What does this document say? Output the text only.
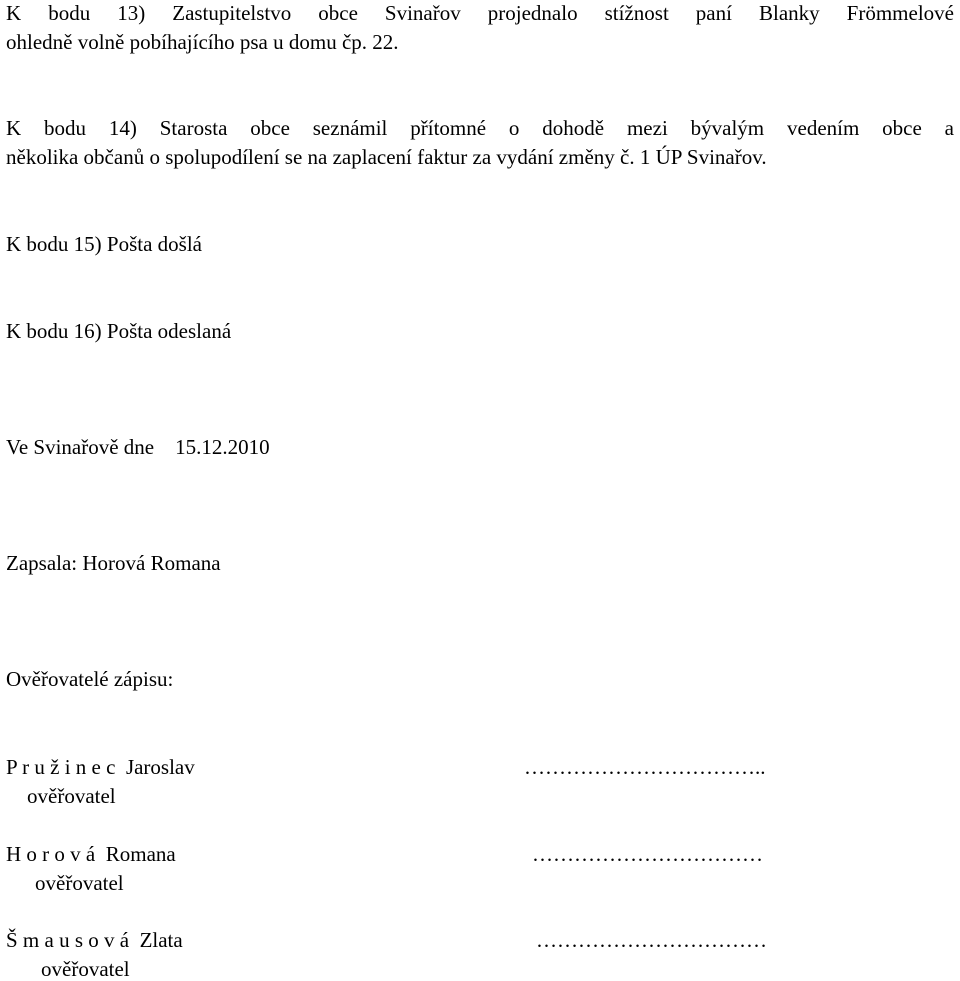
K bodu 13) Zastupitelstvo obce Svinařov projednalo stížnost paní Blanky Frömmelové
ohledně volně pobíhajícího psa u domu čp. 22.
K bodu 14) Starosta obce seznámil přítomné o dohodě mezi bývalým vedením obce a
několika občanů o spolupodílení se na zaplacení faktur za vydání změny č. 1 ÚP Svinařov.
K bodu 15) Pošta došlá
K bodu 16) Pošta odeslaná
Ve Svinařově dne 15.12.2010
Zapsala: Horová Romana
Ověřovatelé zápisu:
P r u ž i n e c  Jaroslav	……………………………..
ověřovatel
H o r o v á  Romana	……………………………
ověřovatel
Š m a u s o v á  Zlata	……………………………
ověřovatel
